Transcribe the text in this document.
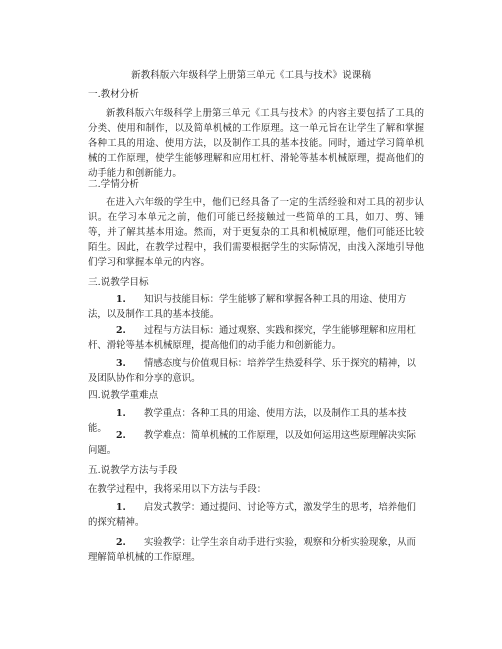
新教科版六年级科学上册第三单元《工具与技术》说课稿
一.教材分析
新教科版六年级科学上册第三单元《工具与技术》的内容主要包括了工具的分类、使用和制作，以及简单机械的工作原理。这一单元旨在让学生了解和掌握各种工具的用途、使用方法，以及制作工具的基本技能。同时，通过学习简单机械的工作原理，使学生能够理解和应用杠杆、滑轮等基本机械原理，提高他们的动手能力和创新能力。
二.学情分析
在进入六年级的学生中，他们已经具备了一定的生活经验和对工具的初步认识。在学习本单元之前，他们可能已经接触过一些简单的工具，如刀、剪、锤等，并了解其基本用途。然而，对于更复杂的工具和机械原理，他们可能还比较陌生。因此，在教学过程中，我们需要根据学生的实际情况，由浅入深地引导他们学习和掌握本单元的内容。
三.说教学目标
1. 知识与技能目标：学生能够了解和掌握各种工具的用途、使用方法，以及制作工具的基本技能。
2. 过程与方法目标：通过观察、实践和探究，学生能够理解和应用杠杆、滑轮等基本机械原理，提高他们的动手能力和创新能力。
3. 情感态度与价值观目标：培养学生热爱科学、乐于探究的精神，以及团队协作和分享的意识。
四.说教学重难点
1. 教学重点：各种工具的用途、使用方法，以及制作工具的基本技能。
2. 教学难点：简单机械的工作原理，以及如何运用这些原理解决实际问题。
五.说教学方法与手段
在教学过程中，我将采用以下方法与手段：
1. 启发式教学：通过提问、讨论等方式，激发学生的思考，培养他们的探究精神。
2. 实验教学：让学生亲自动手进行实验，观察和分析实验现象，从而理解简单机械的工作原理。
